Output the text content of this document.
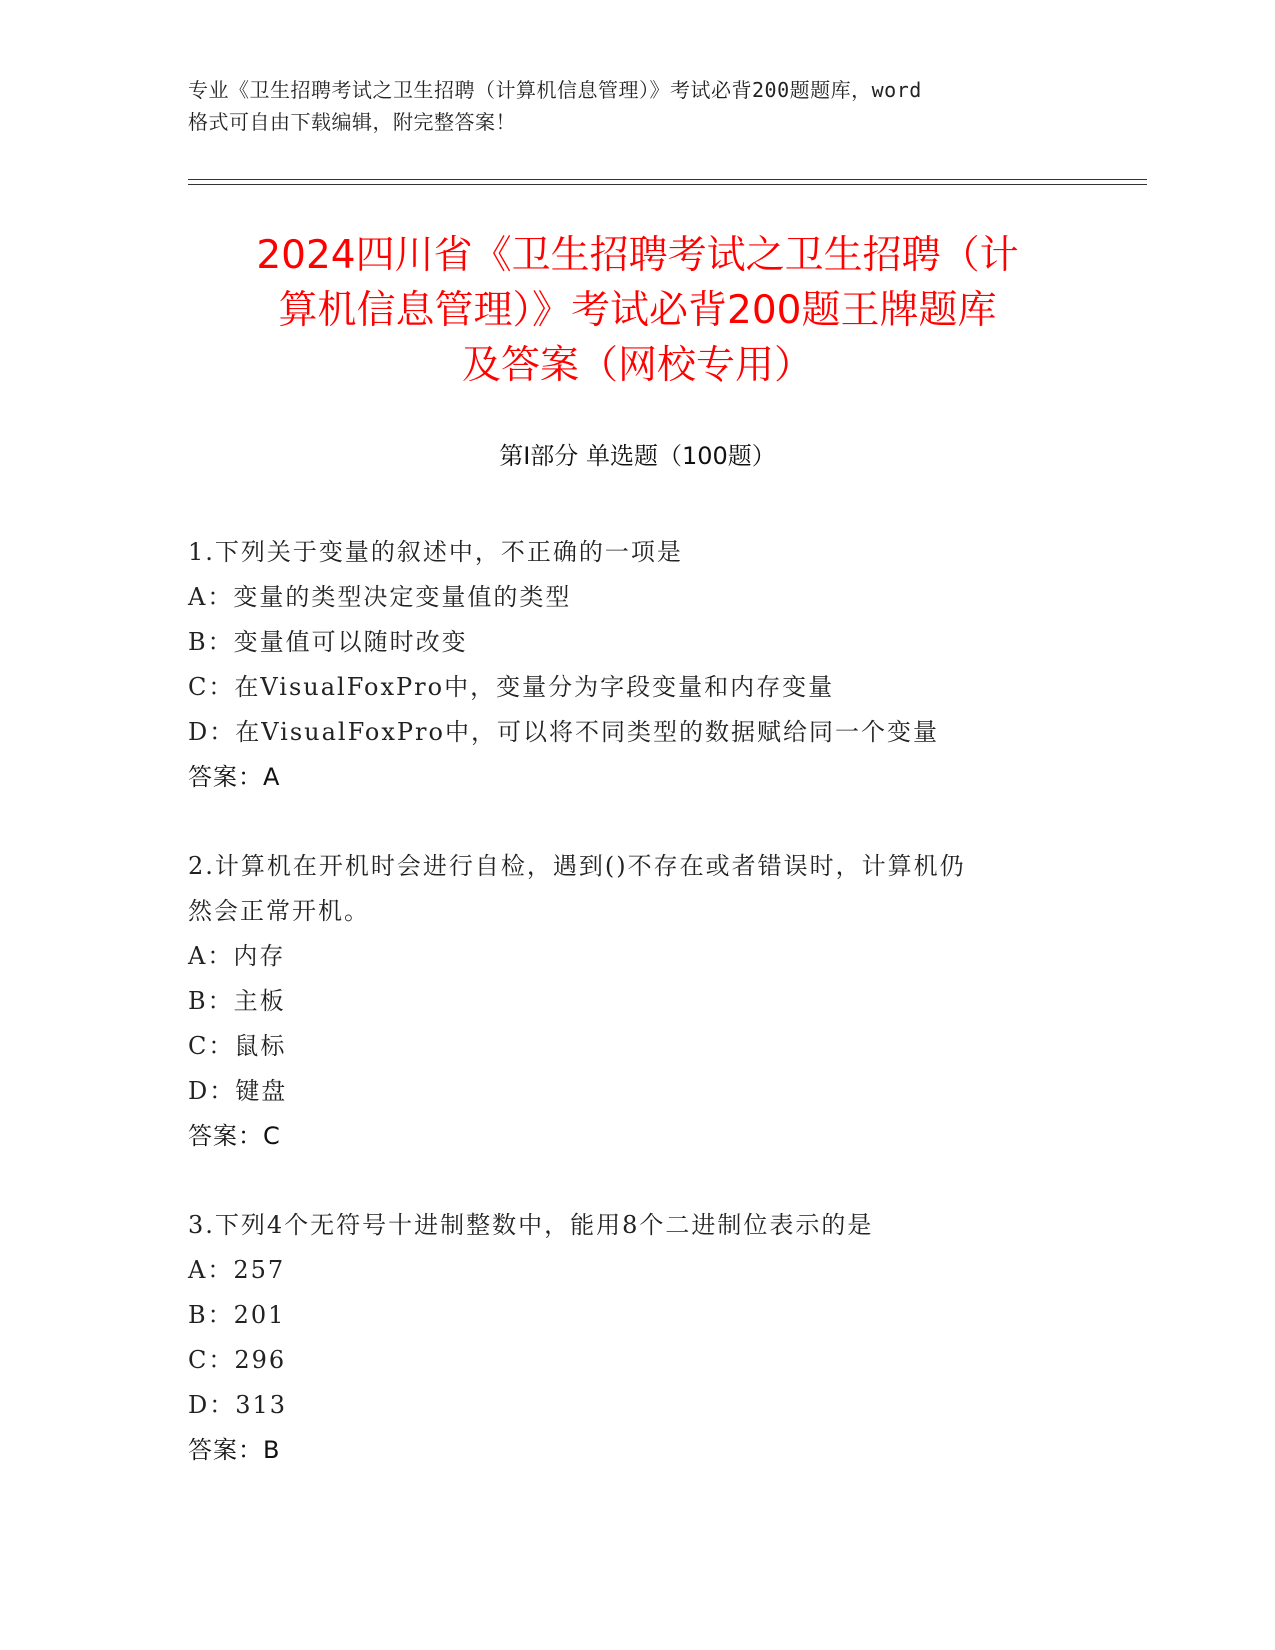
专业《卫生招聘考试之卫生招聘（计算机信息管理）》考试必背200题题库，word
格式可自由下载编辑，附完整答案！
2024四川省《卫生招聘考试之卫生招聘（计
算机信息管理）》考试必背200题王牌题库
及答案（网校专用）
第Ⅰ部分 单选题（100题）
1.下列关于变量的叙述中，不正确的一项是
A：变量的类型决定变量值的类型
B：变量值可以随时改变
C：在VisualFoxPro中，变量分为字段变量和内存变量
D：在VisualFoxPro中，可以将不同类型的数据赋给同一个变量
答案：A
2.计算机在开机时会进行自检，遇到()不存在或者错误时，计算机仍
然会正常开机。
A：内存
B：主板
C：鼠标
D：键盘
答案：C
3.下列4个无符号十进制整数中，能用8个二进制位表示的是
A：257
B：201
C：296
D：313
答案：B
